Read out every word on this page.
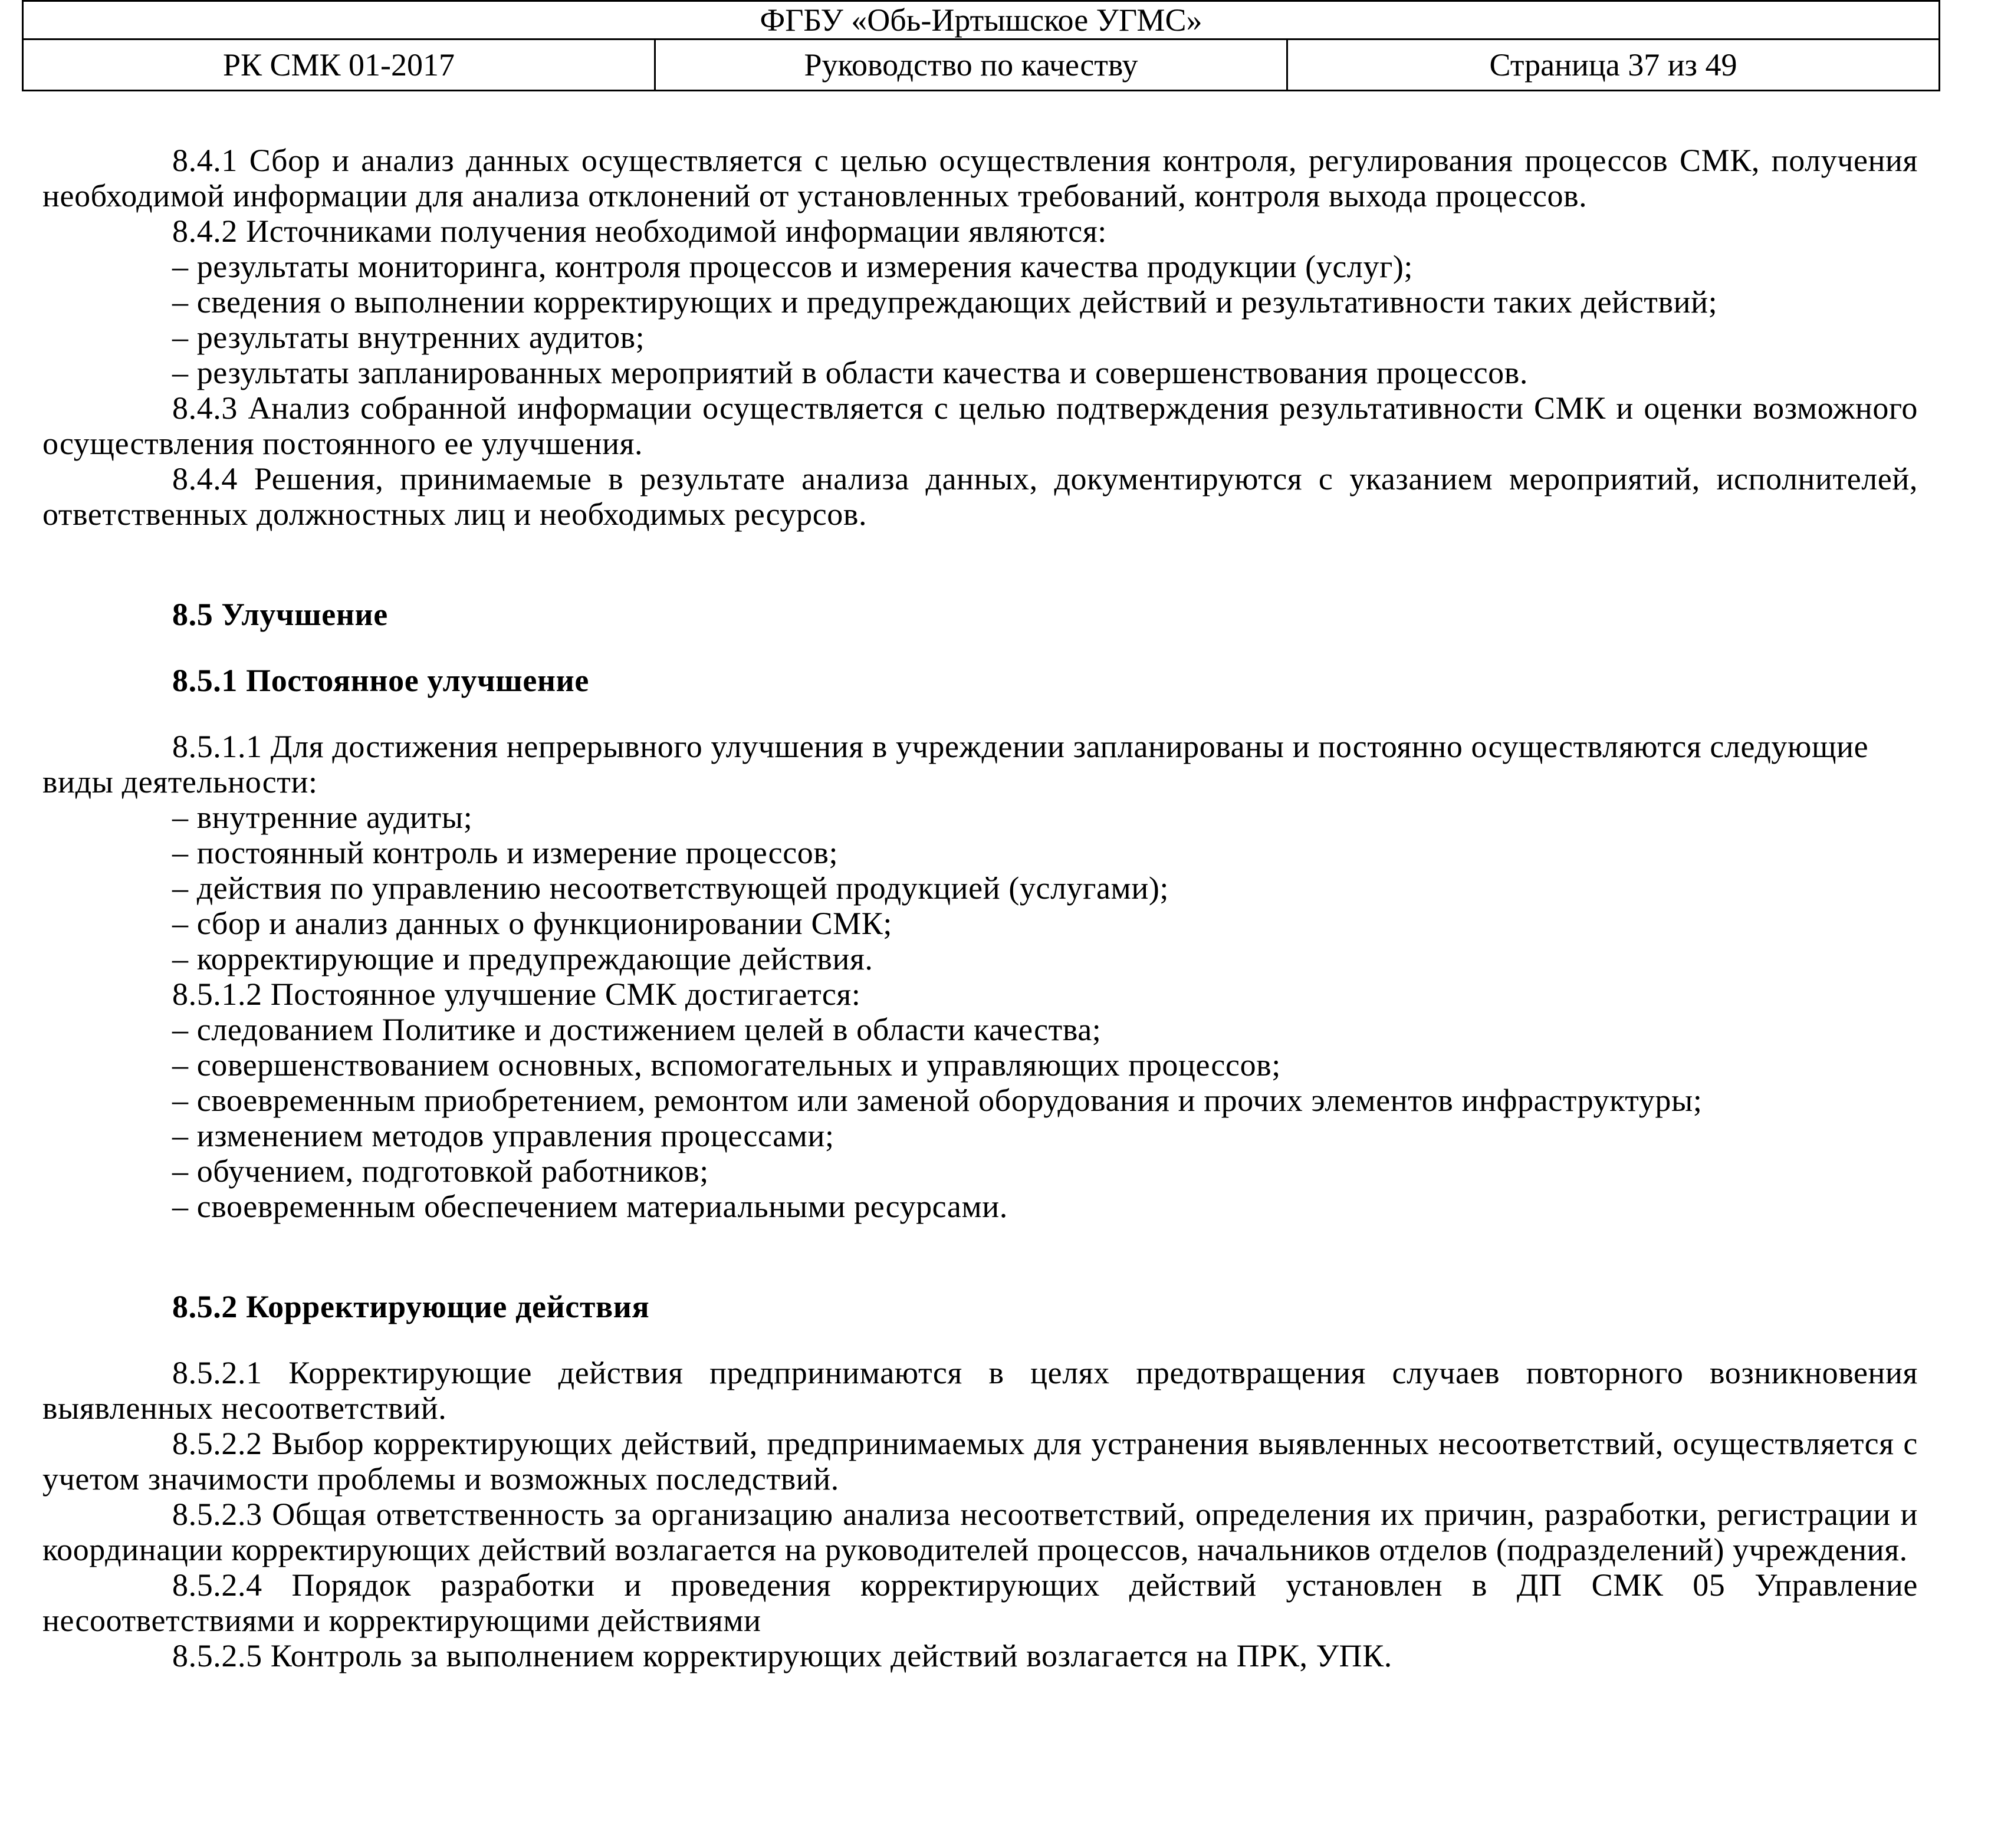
ФГБУ «Обь-Иртышское УГМС»
РК СМК 01-2017	Руководство по качеству	Страница 37 из 49

8.4.1 Сбор и анализ данных осуществляется с целью осуществления контроля, регулирования процессов СМК, получения необходимой информации для анализа отклонений от установленных требований, контроля выхода процессов.

8.4.2 Источниками получения необходимой информации являются:

– результаты мониторинга, контроля процессов и измерения качества продукции (услуг);

– сведения о выполнении корректирующих и предупреждающих действий и результативности таких действий;

– результаты внутренних аудитов;

– результаты запланированных мероприятий в области качества и совершенствования процессов.

8.4.3 Анализ собранной информации осуществляется с целью подтверждения результативности СМК и оценки возможного осуществления постоянного ее улучшения.

8.4.4 Решения, принимаемые в результате анализа данных, документируются с указанием мероприятий, исполнителей, ответственных должностных лиц и необходимых ресурсов.

8.5 Улучшение
8.5.1 Постоянное улучшение

8.5.1.1 Для достижения непрерывного улучшения в учреждении запланированы и постоянно осуществляются следующие виды деятельности:

– внутренние аудиты;

– постоянный контроль и измерение процессов;

– действия по управлению несоответствующей продукцией (услугами);

– сбор и анализ данных о функционировании СМК;

– корректирующие и предупреждающие действия.

8.5.1.2 Постоянное улучшение СМК достигается:

– следованием Политике и достижением целей в области качества;

– совершенствованием основных, вспомогательных и управляющих процессов;

– своевременным приобретением, ремонтом или заменой оборудования и прочих элементов инфраструктуры;

– изменением методов управления процессами;

– обучением, подготовкой работников;

– своевременным обеспечением материальными ресурсами.

8.5.2 Корректирующие действия

8.5.2.1 Корректирующие действия предпринимаются в целях предотвращения случаев повторного возникновения выявленных несоответствий.

8.5.2.2 Выбор корректирующих действий, предпринимаемых для устранения выявленных несоответствий, осуществляется с учетом значимости проблемы и возможных последствий.

8.5.2.3 Общая ответственность за организацию анализа несоответствий, определения их причин, разработки, регистрации и координации корректирующих действий возлагается на руководителей процессов, начальников отделов (подразделений) учреждения.

8.5.2.4 Порядок разработки и проведения корректирующих действий установлен в ДП СМК 05 Управление несоответствиями и корректирующими действиями

8.5.2.5 Контроль за выполнением корректирующих действий возлагается на ПРК, УПК.
